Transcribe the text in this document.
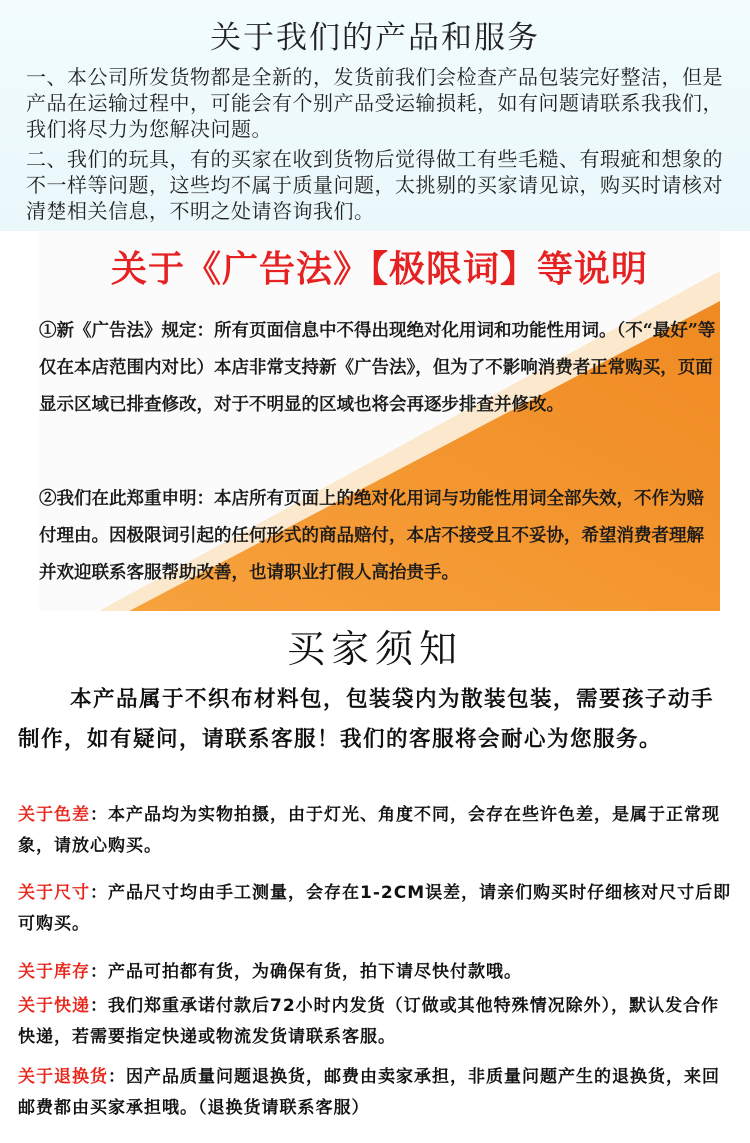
关于我们的产品和服务
一、本公司所发货物都是全新的，发货前我们会检查产品包装完好整洁，但是产品在运输过程中，可能会有个别产品受运输损耗，如有问题请联系我我们，我们将尽力为您解决问题。
二、我们的玩具，有的买家在收到货物后觉得做工有些毛糙、有瑕疵和想象的不一样等问题，这些均不属于质量问题，太挑剔的买家请见谅，购买时请核对清楚相关信息，不明之处请咨询我们。
关于《广告法》【极限词】等说明
①新《广告法》规定：所有页面信息中不得出现绝对化用词和功能性用词。（不“最好”等仅在本店范围内对比）本店非常支持新《广告法》，但为了不影响消费者正常购买，页面显示区域已排查修改，对于不明显的区域也将会再逐步排查并修改。
②我们在此郑重申明：本店所有页面上的绝对化用词与功能性用词全部失效，不作为赔付理由。因极限词引起的任何形式的商品赔付，本店不接受且不妥协，希望消费者理解并欢迎联系客服帮助改善，也请职业打假人高抬贵手。
买家须知
本产品属于不织布材料包，包装袋内为散装包装，需要孩子动手制作，如有疑问，请联系客服！我们的客服将会耐心为您服务。
关于色差：本产品均为实物拍摄，由于灯光、角度不同，会存在些许色差，是属于正常现象，请放心购买。
关于尺寸：产品尺寸均由手工测量，会存在1-2CM误差，请亲们购买时仔细核对尺寸后即可购买。
关于库存：产品可拍都有货，为确保有货，拍下请尽快付款哦。
关于快递：我们郑重承诺付款后72小时内发货（订做或其他特殊情况除外），默认发合作快递，若需要指定快递或物流发货请联系客服。
关于退换货：因产品质量问题退换货，邮费由卖家承担，非质量问题产生的退换货，来回邮费都由买家承担哦。（退换货请联系客服）
